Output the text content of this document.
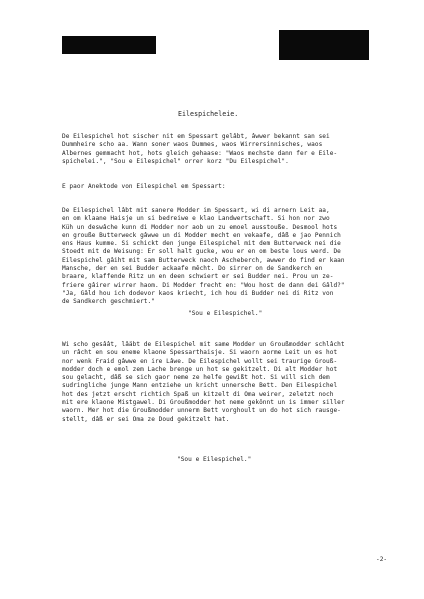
Eilespicheleie.
De Eilespichel hot sischer nit em Spessart gelâbt, âwwer bekannt san sei
Dummheire scho aa. Wann soner waos Dummes, waos Wirrersinnisches, waos
Albernes gemmacht hot, hots gleich gehaase: "Waos mechste dann fer e Eile-
spichelei.", "Sou e Eilespichel" orrer korz "Du Eilespichel".
E paor Anektode von Eilespichel em Spessart:
De Eilespichel lâbt mit sanere Modder im Spessart, wi di arnern Leit aa,
en om klaane Haisje un si bedreiwe e klao Landwertschaft. Si hon nor zwo
Küh un deswâche kunn di Modder nor aob un zu emoel ausstouße. Desmool hots
en grouße Butterweck gâwwe un di Modder mecht en vekaafe, dâß e jao Pennich
ens Haus kumme. Si schickt den junge Eilespichel mit dem Butterweck nei die
Stoedt mit de Weisung: Er soll halt gucke, wou er en om beste lous werd. De
Eilespichel gâiht mit sam Butterweck naoch Ascheberch, awwer do find er kaan
Mansche, der en sei Budder ackaafe mêcht. Do sirrer on de Sandkerch en
braare, klaffende Ritz un en deen schwiert er sei Budder nei. Prou un ze-
friere gâirer wirrer haom. Di Modder frecht en: "Wou host de dann dei Gâld?"
"Ja, Gâld hou ich dodevor kaos kriecht, ich hou di Budder nei di Ritz von
de Sandkerch geschmiert."
"Sou e Eilespichel."
Wi scho gesâât, lâäbt de Eilespichel mit same Modder un Groußmodder schlâcht
un râcht en sou eneme klaone Spessarthaisje. Si waorn aorme Leit un es hot
nor wenk Fraid gâwwe en ire Lâwe. De Eilespichel wollt sei traurige Grouß-
modder doch e emol zem Lache brenge un hot se gekitzelt. Di alt Modder hot
sou gelacht, dâß se sich gaor neme ze helfe gewißt hot. Si will sich dem
sudringliche junge Mann entziehe un kricht unnersche Bett. Den Eilespichel
hot des jetzt erscht richtich Spaß un kitzelt di Oma weirer, zeletzt noch
mit ere klaone Mistgawel. Di Groußmodder hot neme gekônnt un is immer siller
waorn. Mer hot die Groußmodder unnerm Bett vorghoult un do hot sich rausge-
stellt, dâß er sei Oma ze Doud gekitzelt hat.
"Sou e Eilespichel."
-2-
